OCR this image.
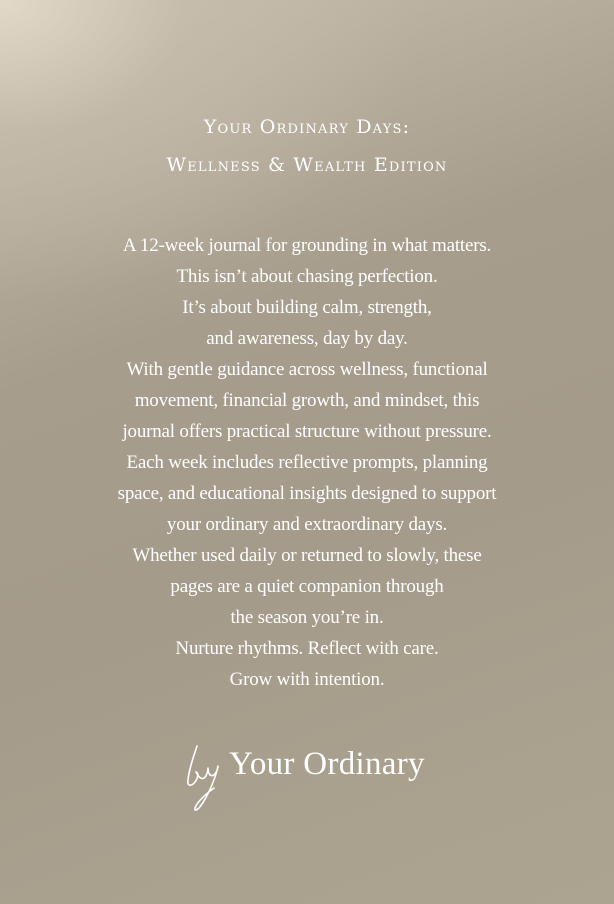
Your Ordinary Days:
Wellness & Wealth Edition
A 12-week journal for grounding in what matters.
This isn’t about chasing perfection.
It’s about building calm, strength,
and awareness, day by day.
With gentle guidance across wellness, functional
movement, financial growth, and mindset, this
journal offers practical structure without pressure.
Each week includes reflective prompts, planning
space, and educational insights designed to support
your ordinary and extraordinary days.
Whether used daily or returned to slowly, these
pages are a quiet companion through
the season you’re in.
Nurture rhythms. Reflect with care.
Grow with intention.
Your Ordinary
